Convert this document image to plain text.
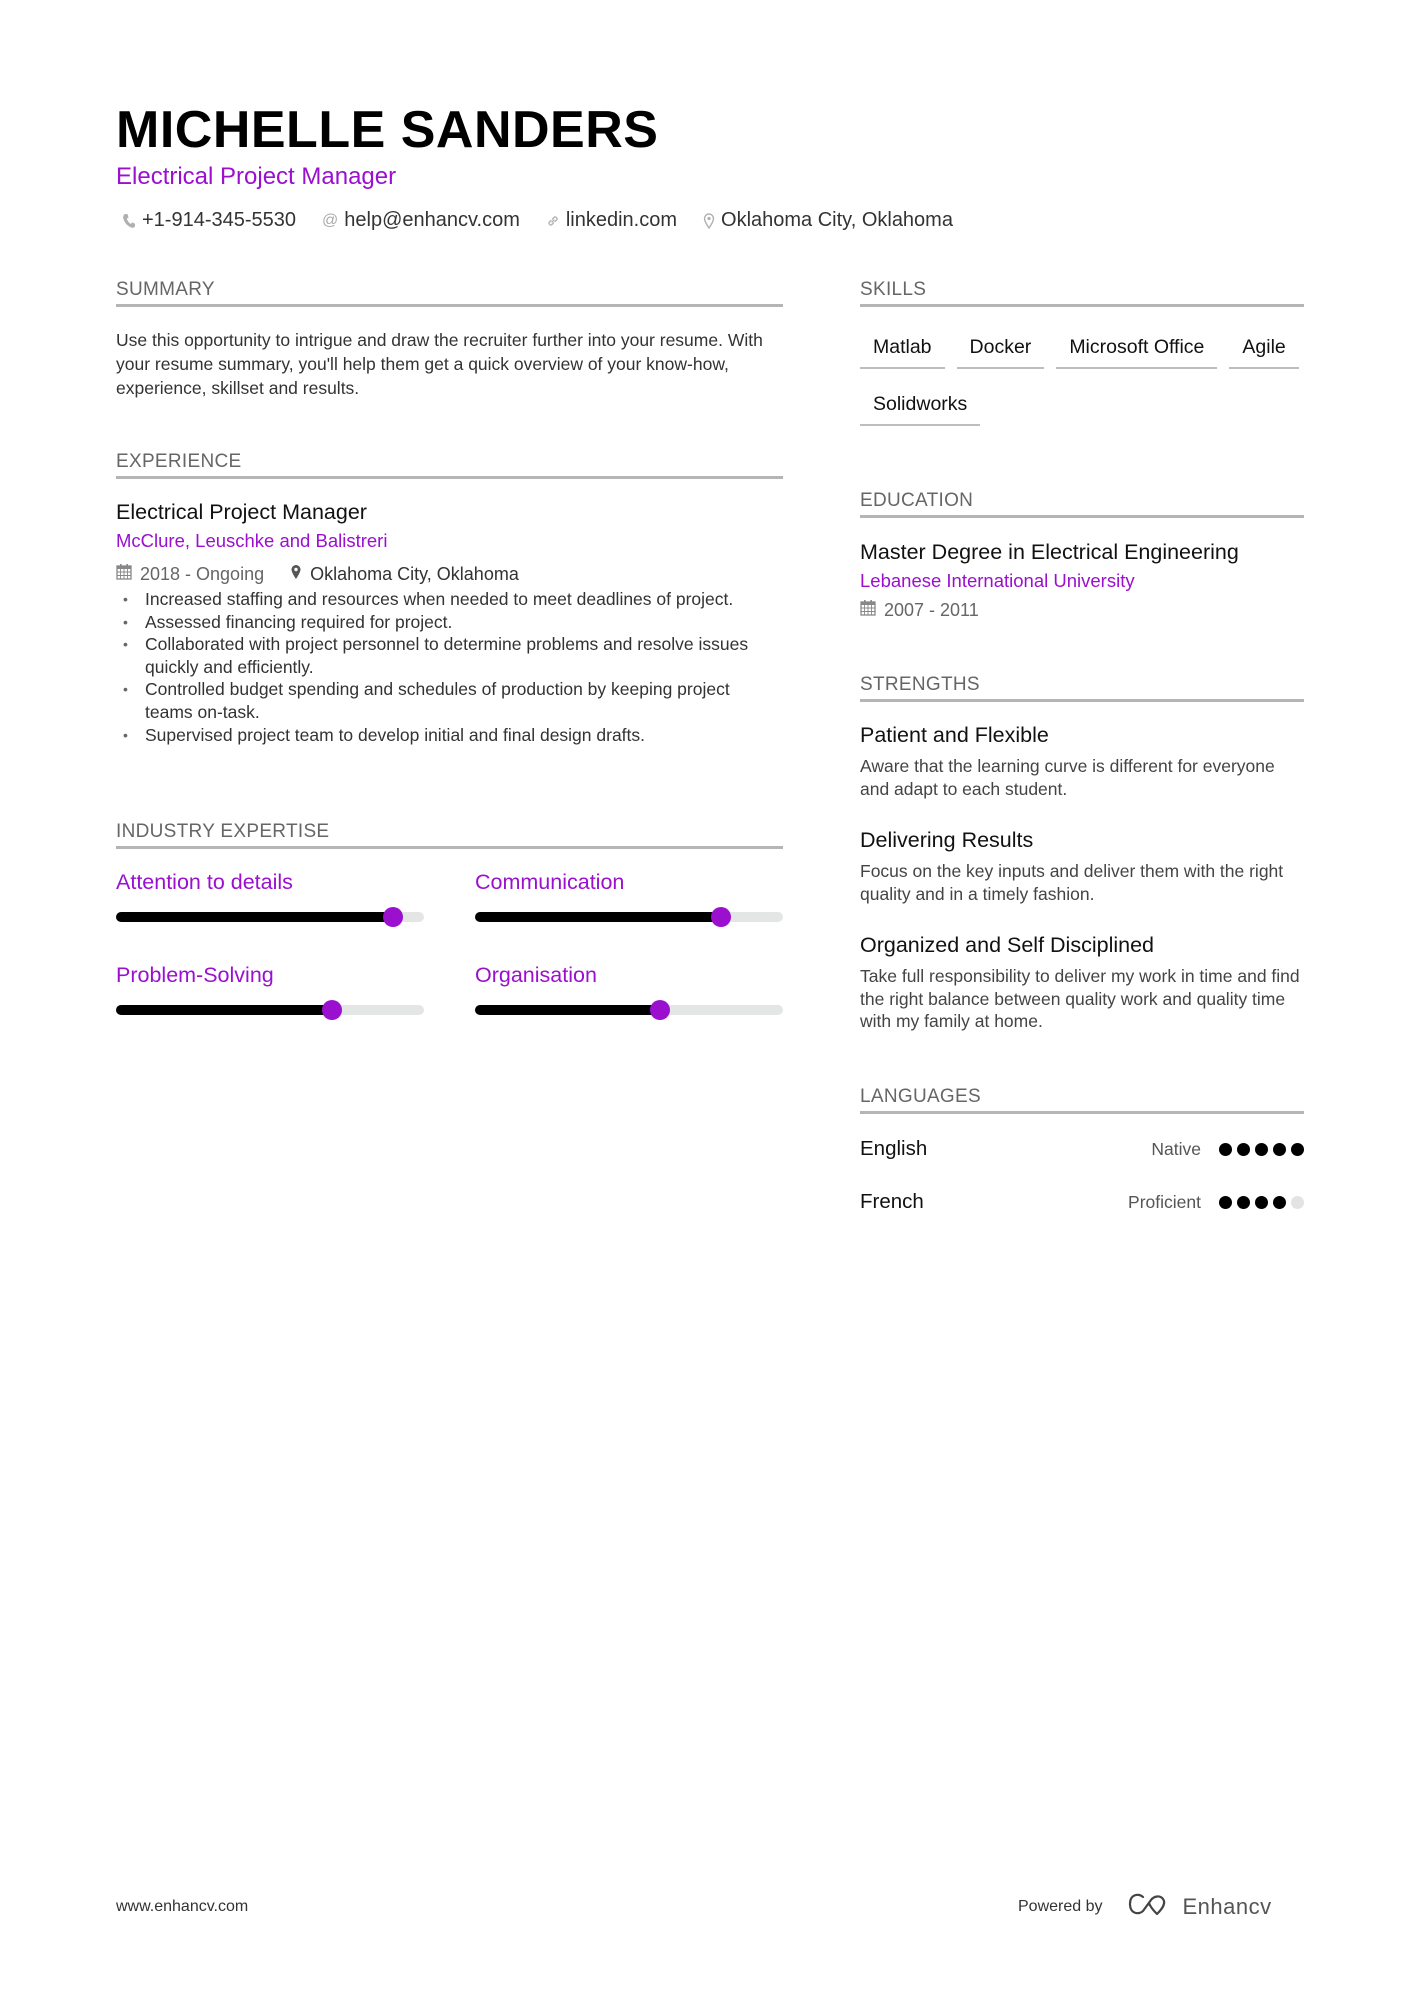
MICHELLE SANDERS
Electrical Project Manager
+1-914-345-5530 @ help@enhancv.com linkedin.com Oklahoma City, Oklahoma
SUMMARY
Use this opportunity to intrigue and draw the recruiter further into your resume. With your resume summary, you'll help them get a quick overview of your know-how, experience, skillset and results.
EXPERIENCE
Electrical Project Manager
McClure, Leuschke and Balistreri
2018 - Ongoing	Oklahoma City, Oklahoma
• Increased staffing and resources when needed to meet deadlines of project.
• Assessed financing required for project.
• Collaborated with project personnel to determine problems and resolve issues quickly and efficiently.
• Controlled budget spending and schedules of production by keeping project teams on-task.
• Supervised project team to develop initial and final design drafts.
INDUSTRY EXPERTISE
Attention to details	Communication
Problem-Solving	Organisation
SKILLS
Matlab	Docker	Microsoft Office	Agile
Solidworks
EDUCATION
Master Degree in Electrical Engineering
Lebanese International University
2007 - 2011
STRENGTHS
Patient and Flexible
Aware that the learning curve is different for everyone and adapt to each student.
Delivering Results
Focus on the key inputs and deliver them with the right quality and in a timely fashion.
Organized and Self Disciplined
Take full responsibility to deliver my work in time and find the right balance between quality work and quality time with my family at home.
LANGUAGES
English	Native
French	Proficient
www.enhancv.com	Powered by	Enhancv
